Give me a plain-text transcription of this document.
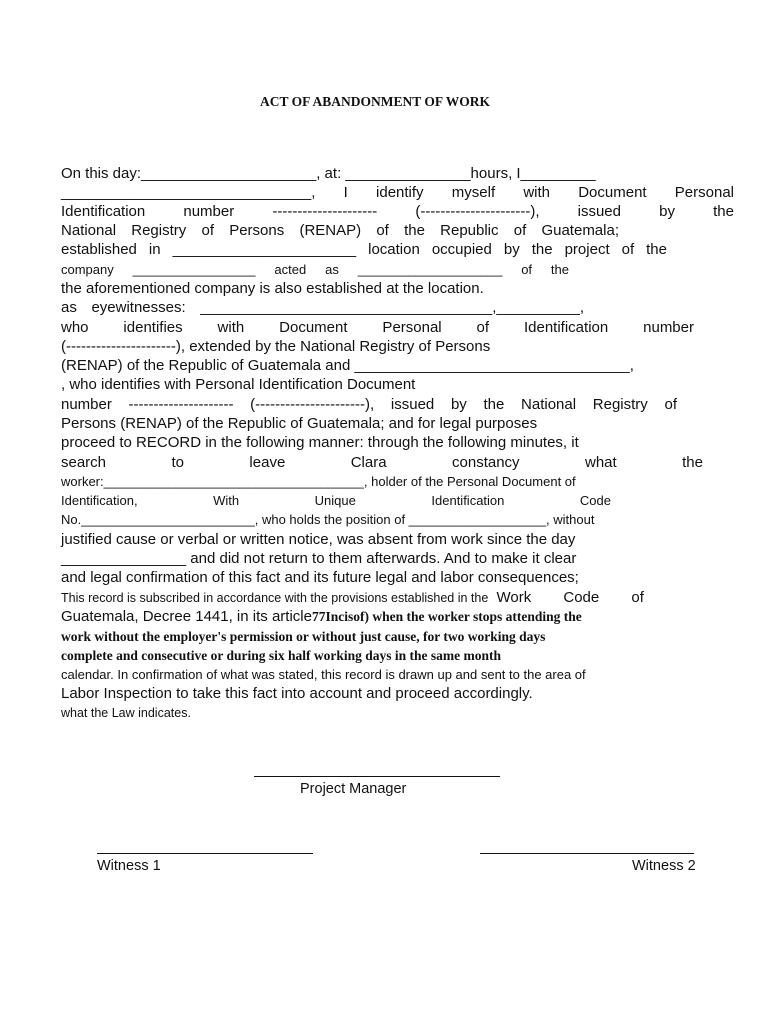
ACT OF ABANDONMENT OF WORK
On this day:_____________________, at: _______________hours, I_________
______________________________, I identify myself with Document Personal
Identification number --------------------- (----------------------), issued by the
National Registry of Persons (RENAP) of the Republic of Guatemala;
established in ______________________ location occupied by the project of the
company _________________ acted as ____________________ of the
the aforementioned company is also established at the location.
as eyewitnesses: ___________________________________,__________,
who identifies with Document Personal of Identification number
(----------------------), extended by the National Registry of Persons
(RENAP) of the Republic of Guatemala and _________________________________,
, who identifies with Personal Identification Document
number --------------------- (----------------------), issued by the National Registry of
Persons (RENAP) of the Republic of Guatemala; and for legal purposes
proceed to RECORD in the following manner: through the following minutes, it
search to leave Clara constancy what the
worker:____________________________________, holder of the Personal Document of
Identification, With Unique Identification Code
No.________________________, who holds the position of ___________________, without
justified cause or verbal or written notice, was absent from work since the day
_______________ and did not return to them afterwards. And to make it clear
and legal confirmation of this fact and its future legal and labor consequences;
This record is subscribed in accordance with the provisions established in the Work Code of
Guatemala, Decree 1441, in its article77Incisof) when the worker stops attending the
work without the employer's permission or without just cause, for two working days
complete and consecutive or during six half working days in the same month
calendar. In confirmation of what was stated, this record is drawn up and sent to the area of
Labor Inspection to take this fact into account and proceed accordingly.
what the Law indicates.
Project Manager
Witness 1	Witness 2
